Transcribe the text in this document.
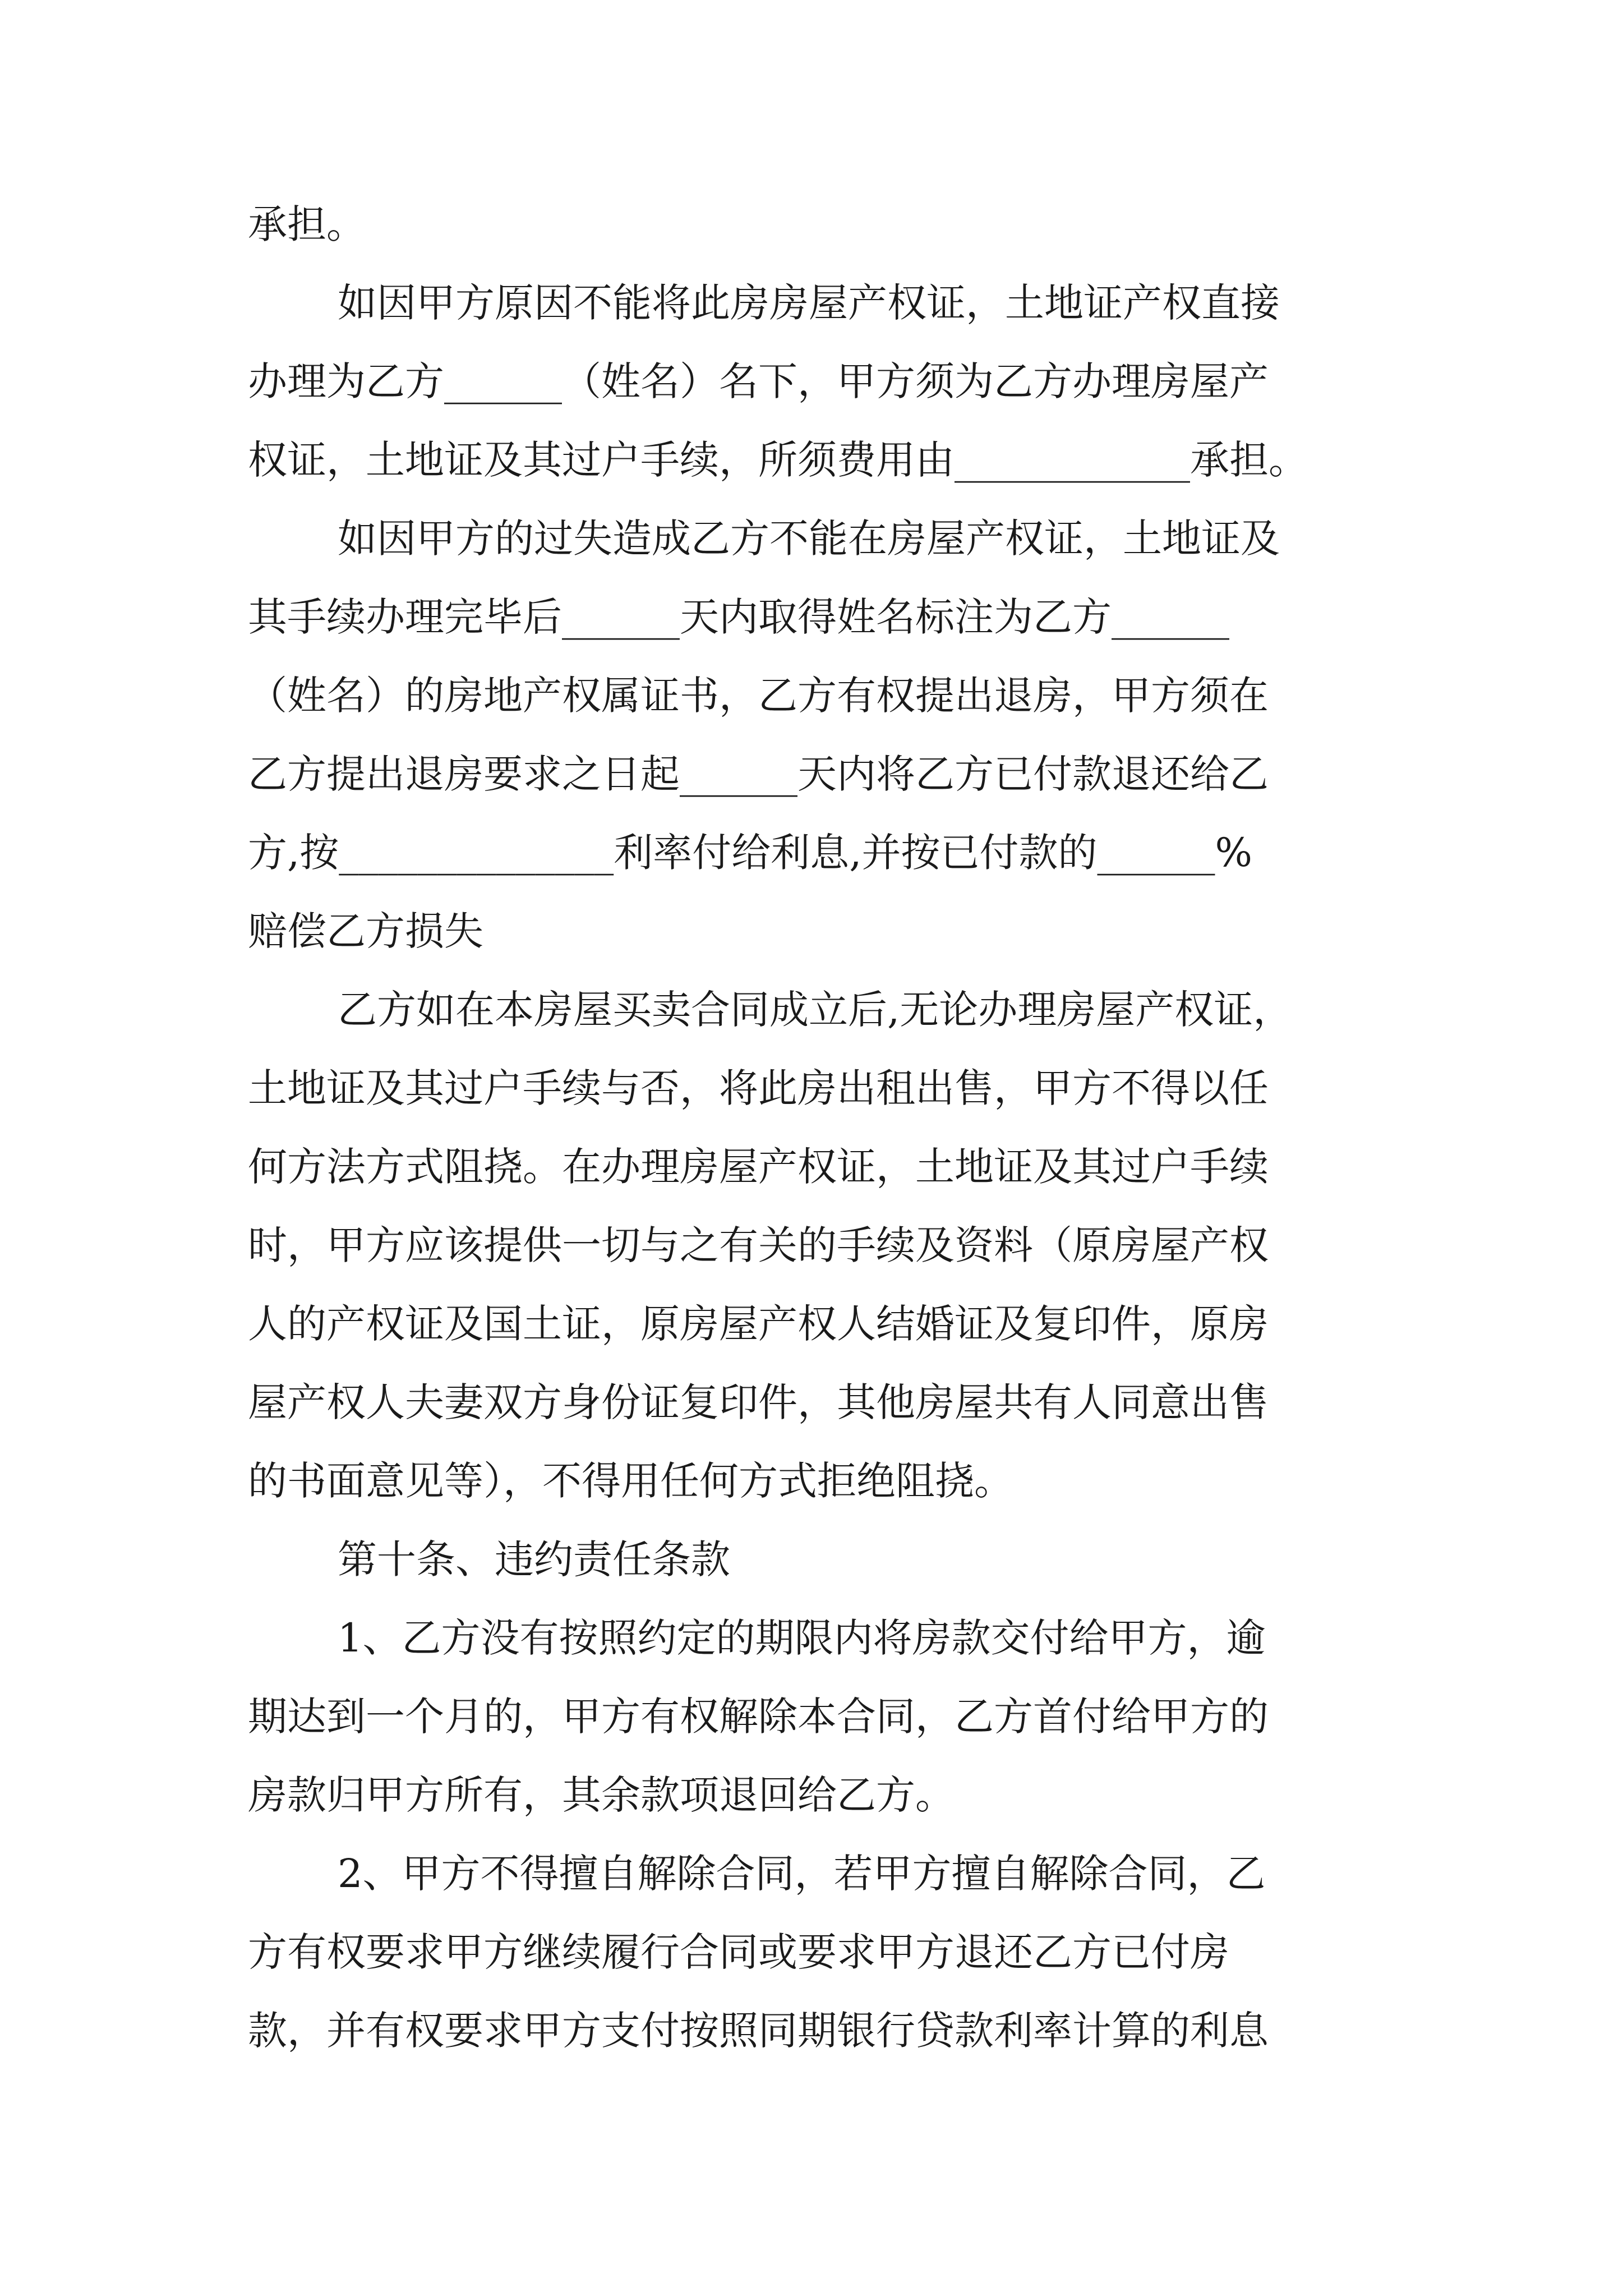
承担。
如因甲方原因不能将此房房屋产权证，土地证产权直接
办理为乙方______（姓名）名下，甲方须为乙方办理房屋产
权证，土地证及其过户手续，所须费用由____________承担。
如因甲方的过失造成乙方不能在房屋产权证，土地证及
其手续办理完毕后______天内取得姓名标注为乙方______
（姓名）的房地产权属证书，乙方有权提出退房，甲方须在
乙方提出退房要求之日起______天内将乙方已付款退还给乙
方,按______________利率付给利息,并按已付款的______%
赔偿乙方损失
乙方如在本房屋买卖合同成立后,无论办理房屋产权证，
土地证及其过户手续与否，将此房出租出售，甲方不得以任
何方法方式阻挠。在办理房屋产权证，土地证及其过户手续
时，甲方应该提供一切与之有关的手续及资料（原房屋产权
人的产权证及国土证，原房屋产权人结婚证及复印件，原房
屋产权人夫妻双方身份证复印件，其他房屋共有人同意出售
的书面意见等），不得用任何方式拒绝阻挠。
第十条、违约责任条款
1、乙方没有按照约定的期限内将房款交付给甲方，逾
期达到一个月的，甲方有权解除本合同，乙方首付给甲方的
房款归甲方所有，其余款项退回给乙方。
2、甲方不得擅自解除合同，若甲方擅自解除合同，乙
方有权要求甲方继续履行合同或要求甲方退还乙方已付房
款，并有权要求甲方支付按照同期银行贷款利率计算的利息
